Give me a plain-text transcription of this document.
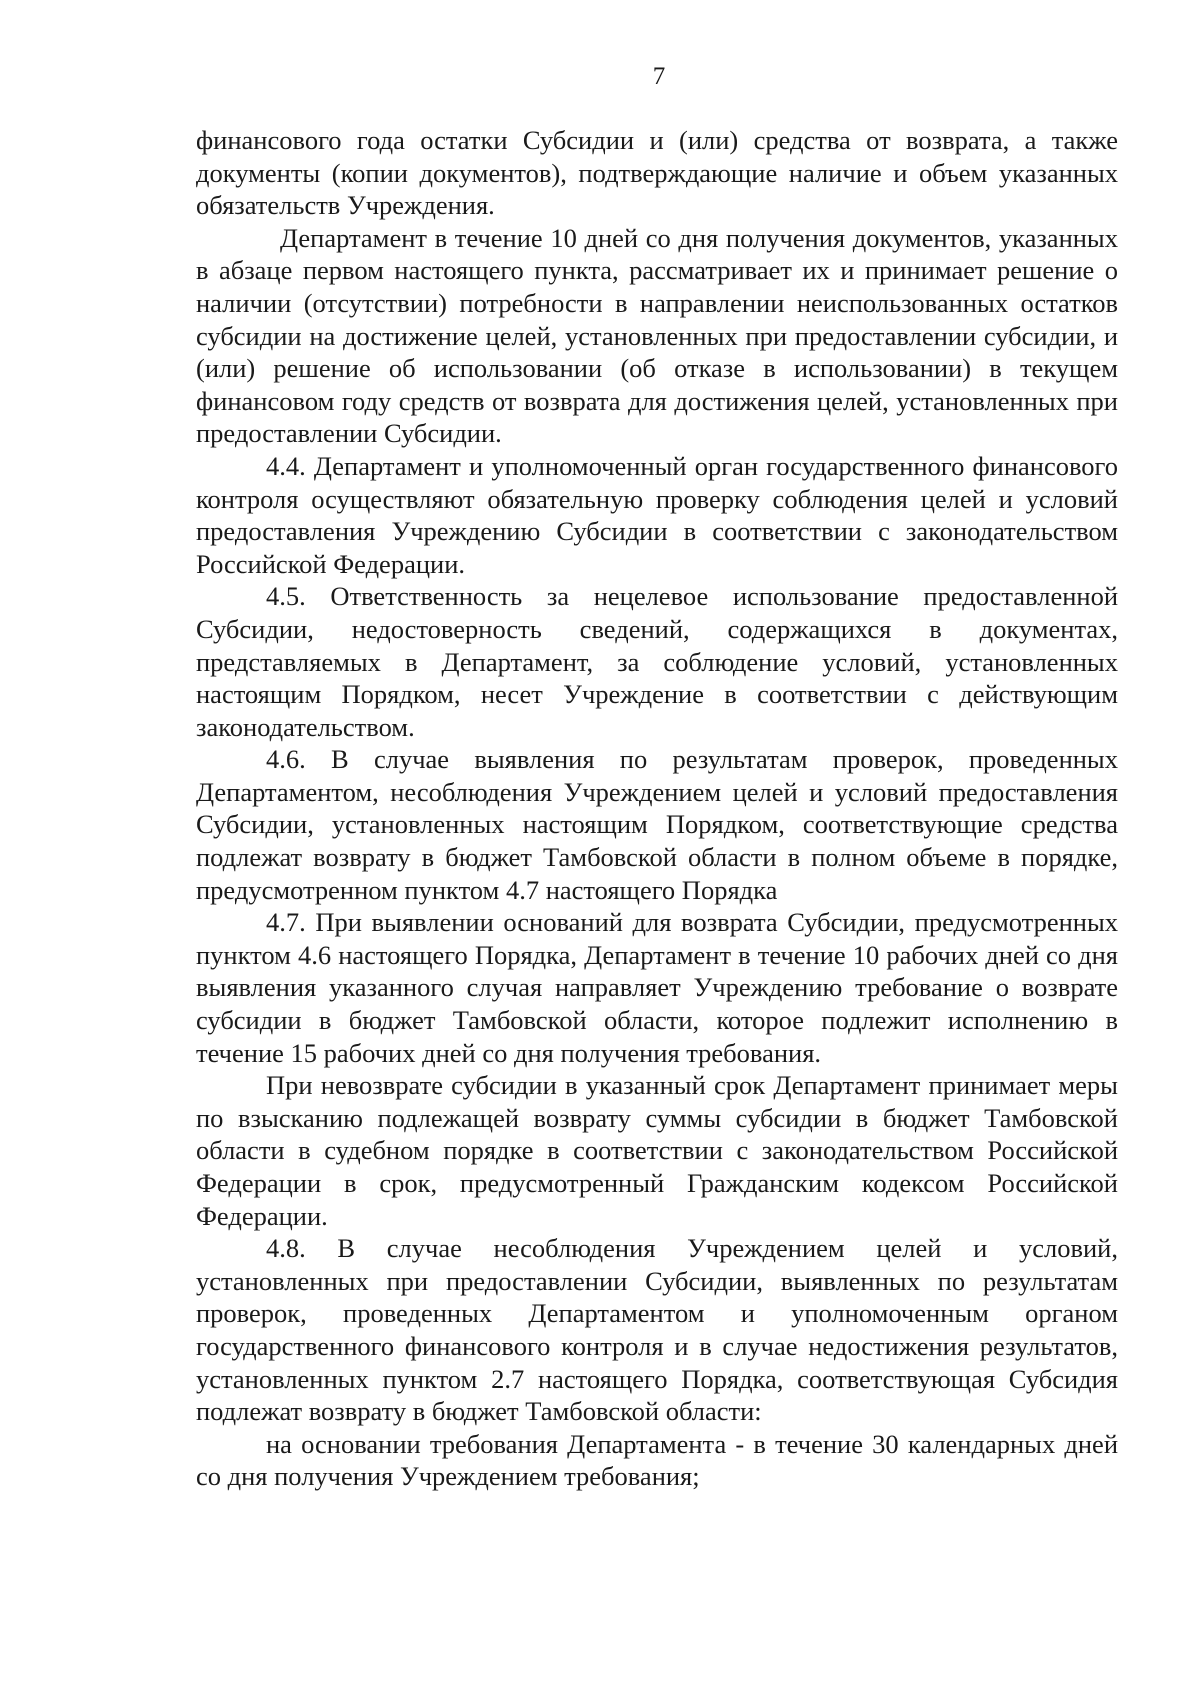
7

финансового года остатки Субсидии и (или) средства от возврата, а также документы (копии документов), подтверждающие наличие и объем указанных обязательств Учреждения.

Департамент в течение 10 дней со дня получения документов, указанных в абзаце первом настоящего пункта, рассматривает их и принимает решение о наличии (отсутствии) потребности в направлении неиспользованных остатков субсидии на достижение целей, установленных при предоставлении субсидии, и (или) решение об использовании (об отказе в использовании) в текущем финансовом году средств от возврата для достижения целей, установленных при предоставлении Субсидии.

4.4. Департамент и уполномоченный орган государственного финансового контроля осуществляют обязательную проверку соблюдения целей и условий предоставления Учреждению Субсидии в соответствии с законодательством Российской Федерации.

4.5. Ответственность за нецелевое использование предоставленной Субсидии, недостоверность сведений, содержащихся в документах, представляемых в Департамент, за соблюдение условий, установленных настоящим Порядком, несет Учреждение в соответствии с действующим законодательством.

4.6. В случае выявления по результатам проверок, проведенных Департаментом, несоблюдения Учреждением целей и условий предоставления Субсидии, установленных настоящим Порядком, соответствующие средства подлежат возврату в бюджет Тамбовской области в полном объеме в порядке, предусмотренном пунктом 4.7 настоящего Порядка

4.7. При выявлении оснований для возврата Субсидии, предусмотренных пунктом 4.6 настоящего Порядка, Департамент в течение 10 рабочих дней со дня выявления указанного случая направляет Учреждению требование о возврате субсидии в бюджет Тамбовской области, которое подлежит исполнению в течение 15 рабочих дней со дня получения требования.

При невозврате субсидии в указанный срок Департамент принимает меры по взысканию подлежащей возврату суммы субсидии в бюджет Тамбовской области в судебном порядке в соответствии с законодательством Российской Федерации в срок, предусмотренный Гражданским кодексом Российской Федерации.

4.8. В случае несоблюдения Учреждением целей и условий, установленных при предоставлении Субсидии, выявленных по результатам проверок, проведенных Департаментом и уполномоченным органом государственного финансового контроля и в случае недостижения результатов, установленных пунктом 2.7 настоящего Порядка, соответствующая Субсидия подлежат возврату в бюджет Тамбовской области:

на основании требования Департамента - в течение 30 календарных дней со дня получения Учреждением требования;
